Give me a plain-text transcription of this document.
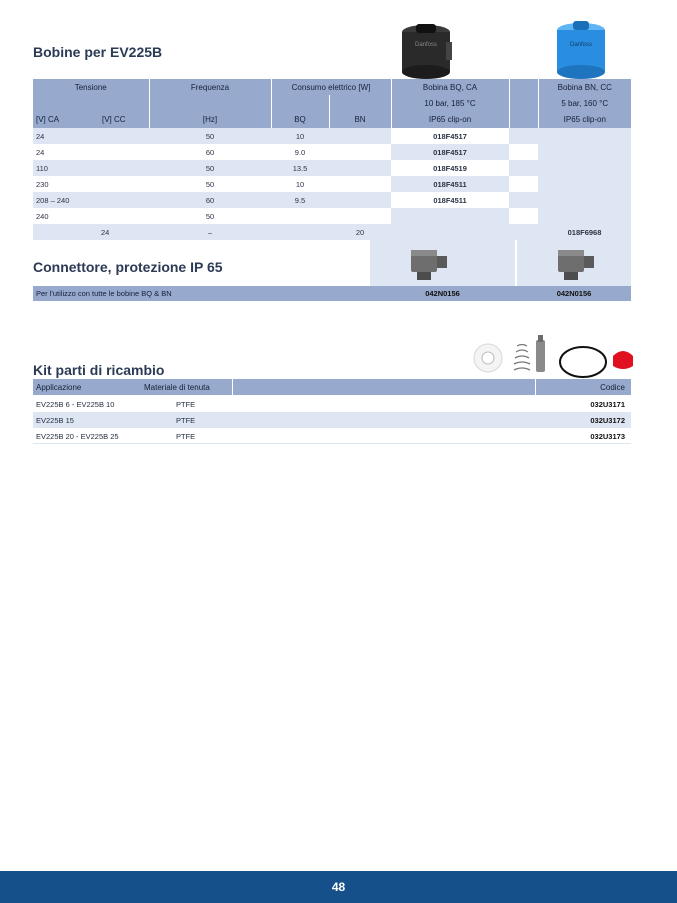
Bobine per EV225B	Danfoss	Danfoss
Tensione		Frequenza	Consumo elettrico [W]		Bobina BQ, CA		Bobina BN, CC
					10 bar, 185 °C		5 bar, 160 °C
[V] CA	[V] CC	[Hz]	BQ	BN	IP65 clip-on		IP65 clip-on
24		50	10		018F4517		
24		60	9.0		018F4517		
110		50	13.5		018F4519		
230		50	10		018F4511		
208 – 240		60	9.5		018F4511		
240		50					
	24	–		20			018F6968
Connettore, protezione IP 65
Per l'utilizzo con tutte le bobine BQ & BN	042N0156	042N0156
Kit parti di ricambio
Applicazione	Materiale di tenuta	Codice
EV225B 6 - EV225B 10	PTFE	032U3171
EV225B 15	PTFE	032U3172
EV225B 20 - EV225B 25	PTFE	032U3173
48
